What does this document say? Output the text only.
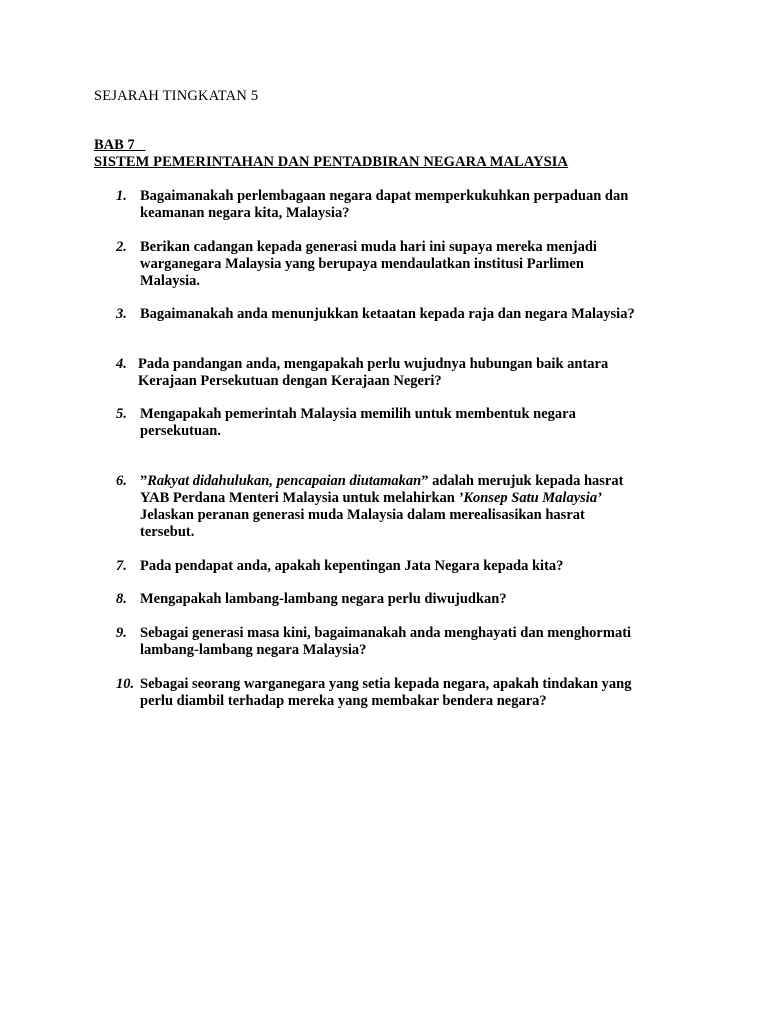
SEJARAH TINGKATAN 5
BAB 7
SISTEM PEMERINTAHAN DAN PENTADBIRAN NEGARA MALAYSIA
1. Bagaimanakah perlembagaan negara dapat memperkukuhkan perpaduan dan
keamanan negara kita, Malaysia?
2. Berikan cadangan kepada generasi muda hari ini supaya mereka menjadi
warganegara Malaysia yang berupaya mendaulatkan institusi Parlimen
Malaysia.
3. Bagaimanakah anda menunjukkan ketaatan kepada raja dan negara Malaysia?
4. Pada pandangan anda, mengapakah perlu wujudnya hubungan baik antara
Kerajaan Persekutuan dengan Kerajaan Negeri?
5. Mengapakah pemerintah Malaysia memilih untuk membentuk negara
persekutuan.
6. ”Rakyat didahulukan, pencapaian diutamakan” adalah merujuk kepada hasrat
YAB Perdana Menteri Malaysia untuk melahirkan ’Konsep Satu Malaysia’
Jelaskan peranan generasi muda Malaysia dalam merealisasikan hasrat
tersebut.
7. Pada pendapat anda, apakah kepentingan Jata Negara kepada kita?
8. Mengapakah lambang-lambang negara perlu diwujudkan?
9. Sebagai generasi masa kini, bagaimanakah anda menghayati dan menghormati
lambang-lambang negara Malaysia?
10. Sebagai seorang warganegara yang setia kepada negara, apakah tindakan yang
perlu diambil terhadap mereka yang membakar bendera negara?
